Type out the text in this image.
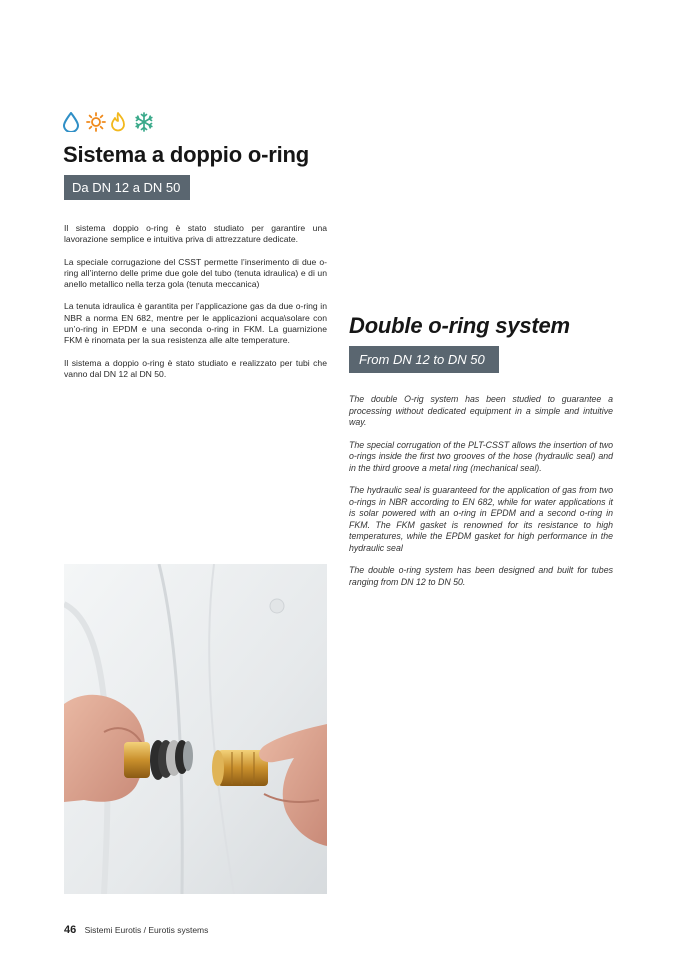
Sistema a doppio o-ring
Da DN 12 a DN 50

Il sistema doppio o-ring è stato studiato per garantire una lavorazione semplice e intuitiva priva di attrezzature dedicate.

La speciale corrugazione del CSST permette l’inserimento di due o-ring all’interno delle prime due gole del tubo (tenuta idraulica) e di un anello metallico nella terza gola (tenuta meccanica)

La tenuta idraulica è garantita per l’applicazione gas da due o-ring in NBR a norma EN 682, mentre per le applicazioni acqua\solare con un’o-ring in EPDM e una seconda o-ring in FKM. La guarnizione FKM è rinomata per la sua resistenza alle alte temperature.

Il sistema a doppio o-ring è stato studiato e realizzato per tubi che vanno dal DN 12 al DN 50.

Double o-ring system
From DN 12 to DN 50

The double O-rig system has been studied to guarantee a processing without dedicated equipment in a simple and intuitive way.

The special corrugation of the PLT-CSST allows the insertion of two o-rings inside the first two grooves of the hose (hydraulic seal) and in the third groove a metal ring (mechanical seal).

The hydraulic seal is guaranteed for the application of gas from two o-rings in NBR according to EN 682, while for water applications it is solar powered with an o-ring in EPDM and a second o-ring in FKM. The FKM gasket is renowned for its resistance to high temperatures, while the EPDM gasket for high performance in the hydraulic seal

The double o-ring system has been designed and built for tubes ranging from DN 12 to DN 50.

46 Sistemi Eurotis / Eurotis systems
